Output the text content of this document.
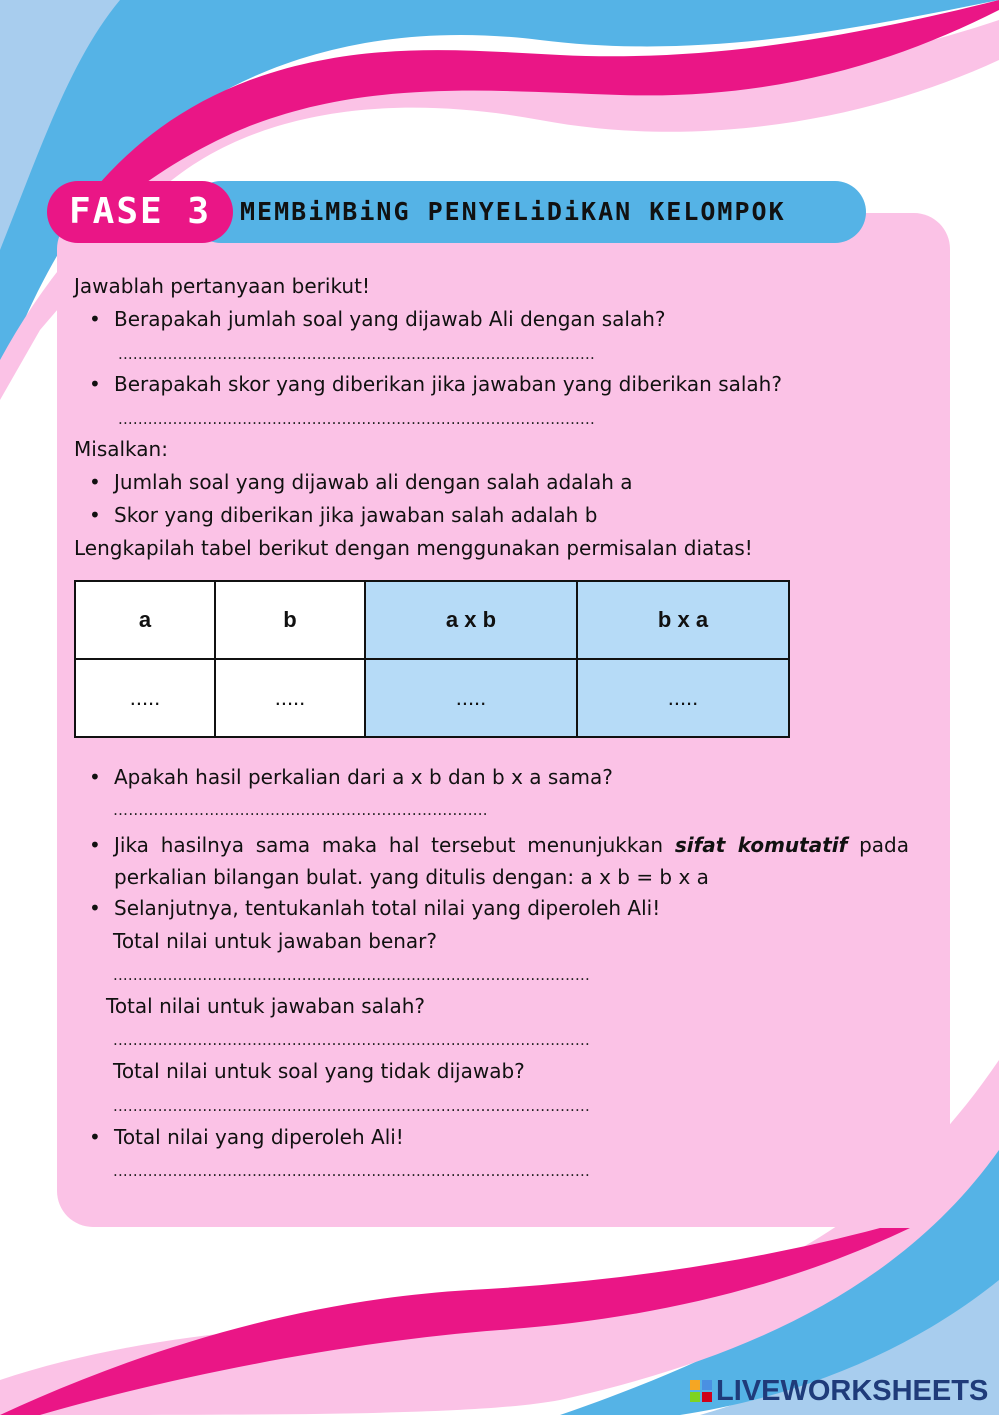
FASE 3	MEMBiMBiNG PENYELiDiKAN KELOMPOK
Jawablah pertanyaan berikut!
• Berapakah jumlah soal yang dijawab Ali dengan salah?
................................................................................................
• Berapakah skor yang diberikan jika jawaban yang diberikan salah?
................................................................................................
Misalkan:
• Jumlah soal yang dijawab ali dengan salah adalah a
• Skor yang diberikan jika jawaban salah adalah b
Lengkapilah tabel berikut dengan menggunakan permisalan diatas!
a	b	a x b	b x a
.....	.....	.....	.....
• Apakah hasil perkalian dari a x b dan b x a sama?
………………………………………………………………..
• Jika hasilnya sama maka hal tersebut menunjukkan sifat komutatif pada perkalian bilangan bulat. yang ditulis dengan: a x b = b x a
• Selanjutnya, tentukanlah total nilai yang diperoleh Ali!
Total nilai untuk jawaban benar?
................................................................................................
Total nilai untuk jawaban salah?
................................................................................................
Total nilai untuk soal yang tidak dijawab?
................................................................................................
• Total nilai yang diperoleh Ali!
................................................................................................
LIVEWORKSHEETS
